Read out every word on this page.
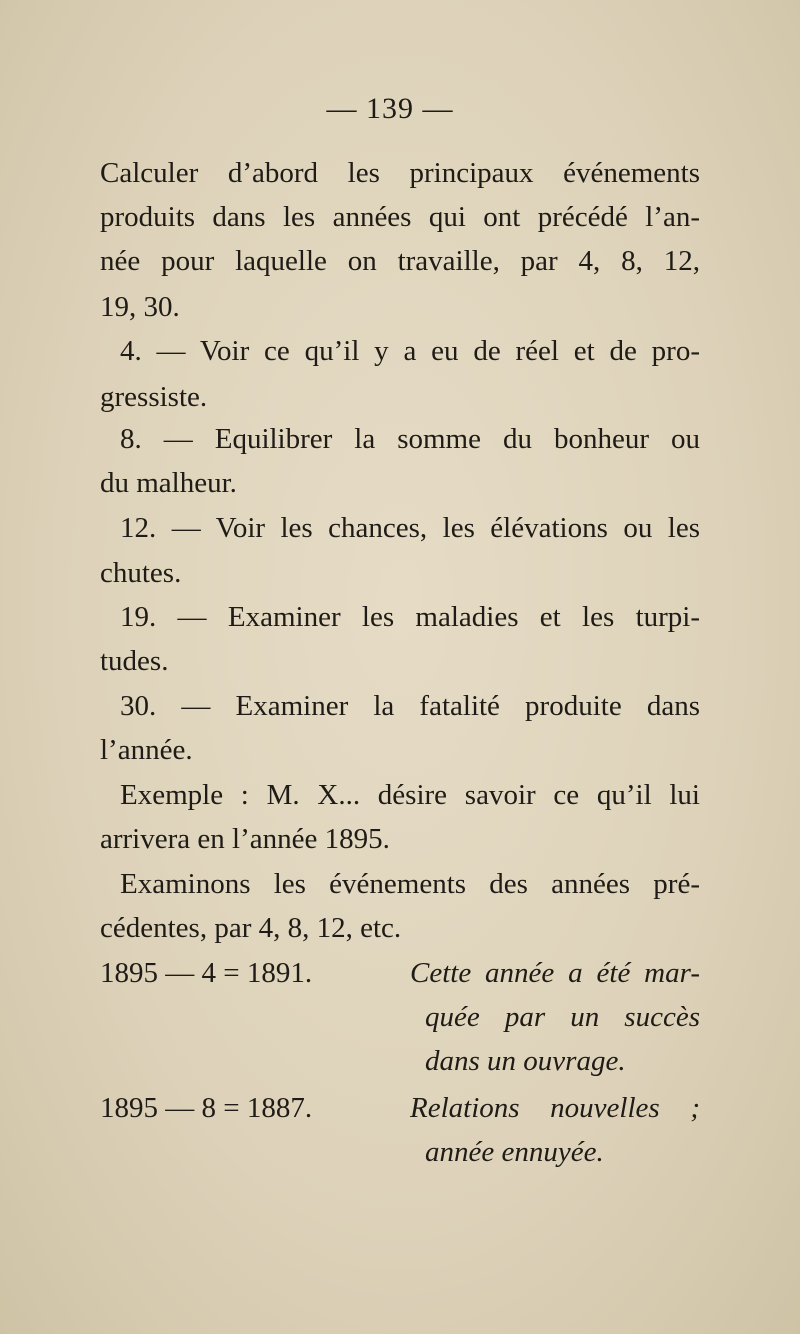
— 139 —
Calculer d’abord les principaux événements
produits dans les années qui ont précédé l’an-
née pour laquelle on travaille, par 4, 8, 12,
19, 30.
4. — Voir ce qu’il y a eu de réel et de pro-
gressiste.
8. — Equilibrer la somme du bonheur ou
du malheur.
12. — Voir les chances, les élévations ou les
chutes.
19. — Examiner les maladies et les turpi-
tudes.
30. — Examiner la fatalité produite dans
l’année.
Exemple : M. X... désire savoir ce qu’il lui
arrivera en l’année 1895.
Examinons les événements des années pré-
cédentes, par 4, 8, 12, etc.
1895 — 4 = 1891.	Cette année a été mar-
quée par un succès
dans un ouvrage.
1895 — 8 = 1887.	Relations nouvelles ;
année ennuyée.
